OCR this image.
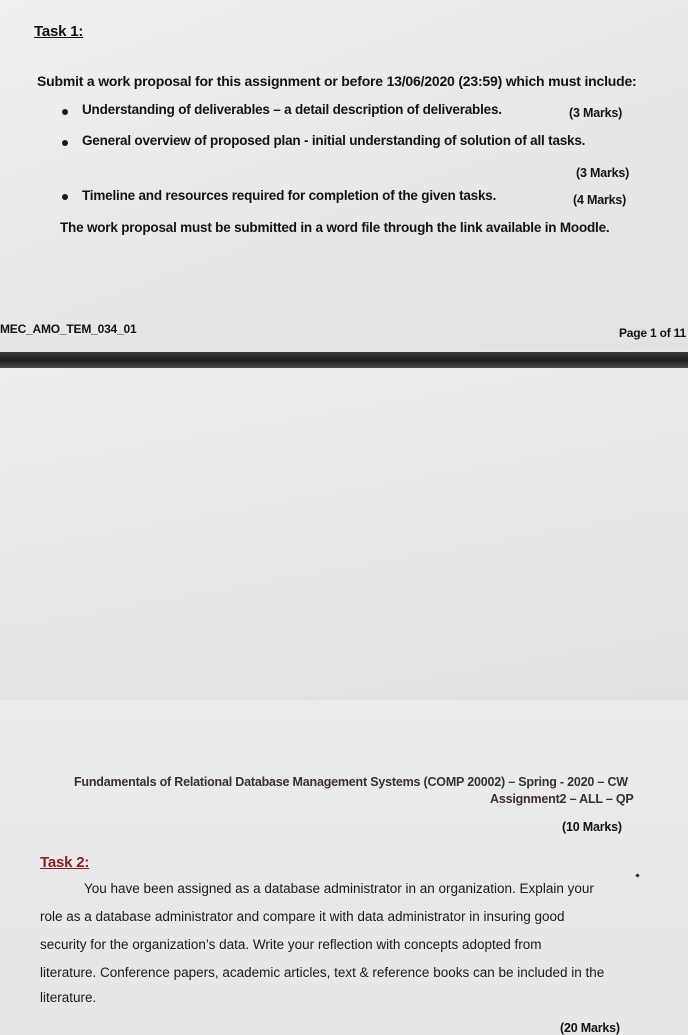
Task 1:
Submit a work proposal for this assignment or before 13/06/2020 (23:59) which must include:
Understanding of deliverables – a detail description of deliverables.	(3 Marks)
General overview of proposed plan - initial understanding of solution of all tasks.
(3 Marks)
Timeline and resources required for completion of the given tasks.	(4 Marks)
The work proposal must be submitted in a word file through the link available in Moodle.
MEC_AMO_TEM_034_01	Page 1 of 11
Fundamentals of Relational Database Management Systems (COMP 20002) – Spring - 2020 – CW
Assignment2 – ALL – QP
(10 Marks)
Task 2:
You have been assigned as a database administrator in an organization. Explain your
role as a database administrator and compare it with data administrator in insuring good
security for the organization’s data. Write your reflection with concepts adopted from
literature. Conference papers, academic articles, text & reference books can be included in the
literature.
(20 Marks)
